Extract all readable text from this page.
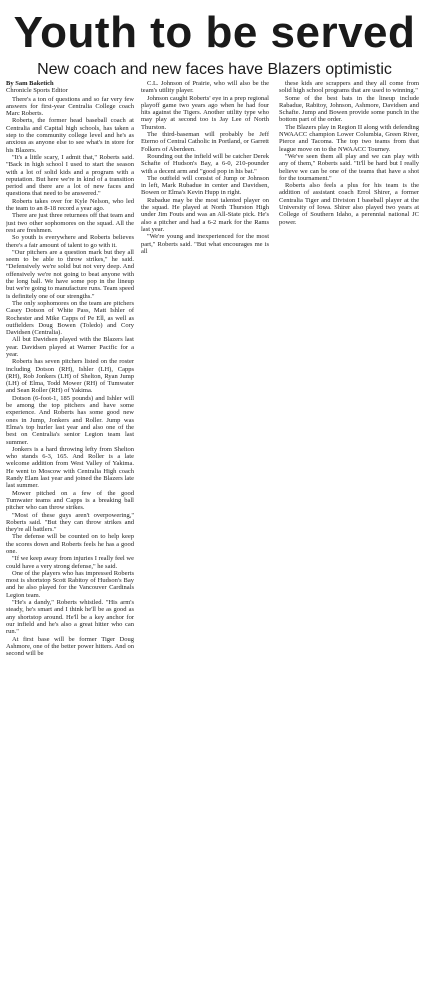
Youth to be served
New coach and new faces have Blazers optimistic
By Sam Baketich
Chronicle Sports Editor

There's a ton of questions and so far very few answers for first-year Centralia College coach Marc Roberts.

Roberts, the former head baseball coach at Centralia and Capital high schools, has taken a step to the community college level and he's as anxious as anyone else to see what's in store for his Blazers.

"It's a little scary, I admit that," Roberts said. "Back in high school I used to start the season with a lot of solid kids and a program with a reputation. But here we're in kind of a transition period and there are a lot of new faces and questions that need to be answered."

Roberts takes over for Kyle Nelson, who led the team to an 8-18 record a year ago.

There are just three returnees off that team and just two other sophomores on the squad. All the rest are freshmen.

So youth is everywhere and Roberts believes there's a fair amount of talent to go with it.

"Our pitchers are a question mark but they all seem to be able to throw strikes," he said. "Defensively we're solid but not very deep. And offensively we're not going to beat anyone with the long ball. We have some pop in the lineup but we're going to manufacture runs. Team speed is definitely one of our strengths."

The only sophomores on the team are pitchers Casey Dotson of White Pass, Matt Ishler of Rochester and Mike Capps of Pe Ell, as well as outfielders Doug Bowen (Toledo) and Cory Davidsen (Centralia).

All but Davidsen played with the Blazers last year. Davidsen played at Warner Pacific for a year.

Roberts has seven pitchers listed on the roster including Dotson (RH), Ishler (LH), Capps (RH), Rob Jonkers (LH) of Shelton, Ryan Jump (LH) of Elma, Todd Mower (RH) of Tumwater and Sean Roller (RH) of Yakima.

Dotson (6-foot-1, 185 pounds) and Ishler will be among the top pitchers and have some experience. And Roberts has some good new ones in Jump, Jonkers and Roller. Jump was Elma's top hurler last year and also one of the best on Centralia's senior Legion team last summer.

Jonkers is a hard throwing lefty from Shelton who stands 6-3, 165. And Roller is a late welcome addition from West Valley of Yakima. He went to Moscow with Centralia High coach Randy Elam last year and joined the Blazers late last summer.

Mower pitched on a few of the good Tumwater teams and Capps is a breaking ball pitcher who can throw strikes.

"Most of these guys aren't overpowering," Roberts said. "But they can throw strikes and they're all battlers."

The defense will be counted on to help keep the scores down and Roberts feels he has a good one.

"If we keep away from injuries I really feel we could have a very strong defense," he said.

One of the players who has impressed Roberts most is shortstop Scott Rabitoy of Hudson's Bay and he also played for the Vancouver Cardinals Legion team.

"He's a dandy," Roberts whistled. "His arm's steady, he's smart and I think he'll be as good as any shortstop around. He'll be a key anchor for our infield and he's also a great hitter who can run."

At first base will be former Tiger Doug Ashmore, one of the better power hitters. And on second will be

C.L. Johnson of Prairie, who will also be the team's utility player.

Johnson caught Roberts' eye in a prep regional playoff game two years ago when he had four hits against the Tigers. Another utility type who may play at second too is Jay Lee of North Thurston.

The third-baseman will probably be Jeff Eterno of Central Catholic in Portland, or Garrett Folkers of Aberdeen.

Rounding out the infield will be catcher Derek Schafte of Hudson's Bay, a 6-0, 210-pounder with a decent arm and "good pop in his bat."

The outfield will consist of Jump or Johnson in left, Mark Rubadue in center and Davidsen, Bowen or Elma's Kevin Hupp in right.

Rubadue may be the most talented player on the squad. He played at North Thurston High under Jim Fouts and was an All-State pick. He's also a pitcher and had a 6-2 mark for the Rams last year.

"We're young and inexperienced for the most part," Roberts said. "But what encourages me is all

these kids are scrappers and they all come from solid high school programs that are used to winning."

Some of the best bats in the lineup include Rabadue, Rabitoy, Johnson, Ashmore, Davidsen and Schafte. Jump and Bowen provide some punch in the bottom part of the order.

The Blazers play in Region II along with defending NWAACC champion Lower Columbia, Green River, Pierce and Tacoma. The top two teams from that league move on to the NWAACC Tourney.

"We've seen them all play and we can play with any of them," Roberts said. "It'll be hard but I really believe we can be one of the teams that have a shot for the tournament."

Roberts also feels a plus for his team is the addition of assistant coach Errol Shirer, a former Centralia Tiger and Division I baseball player at the University of Iowa. Shirer also played two years at College of Southern Idaho, a perennial national JC power.
